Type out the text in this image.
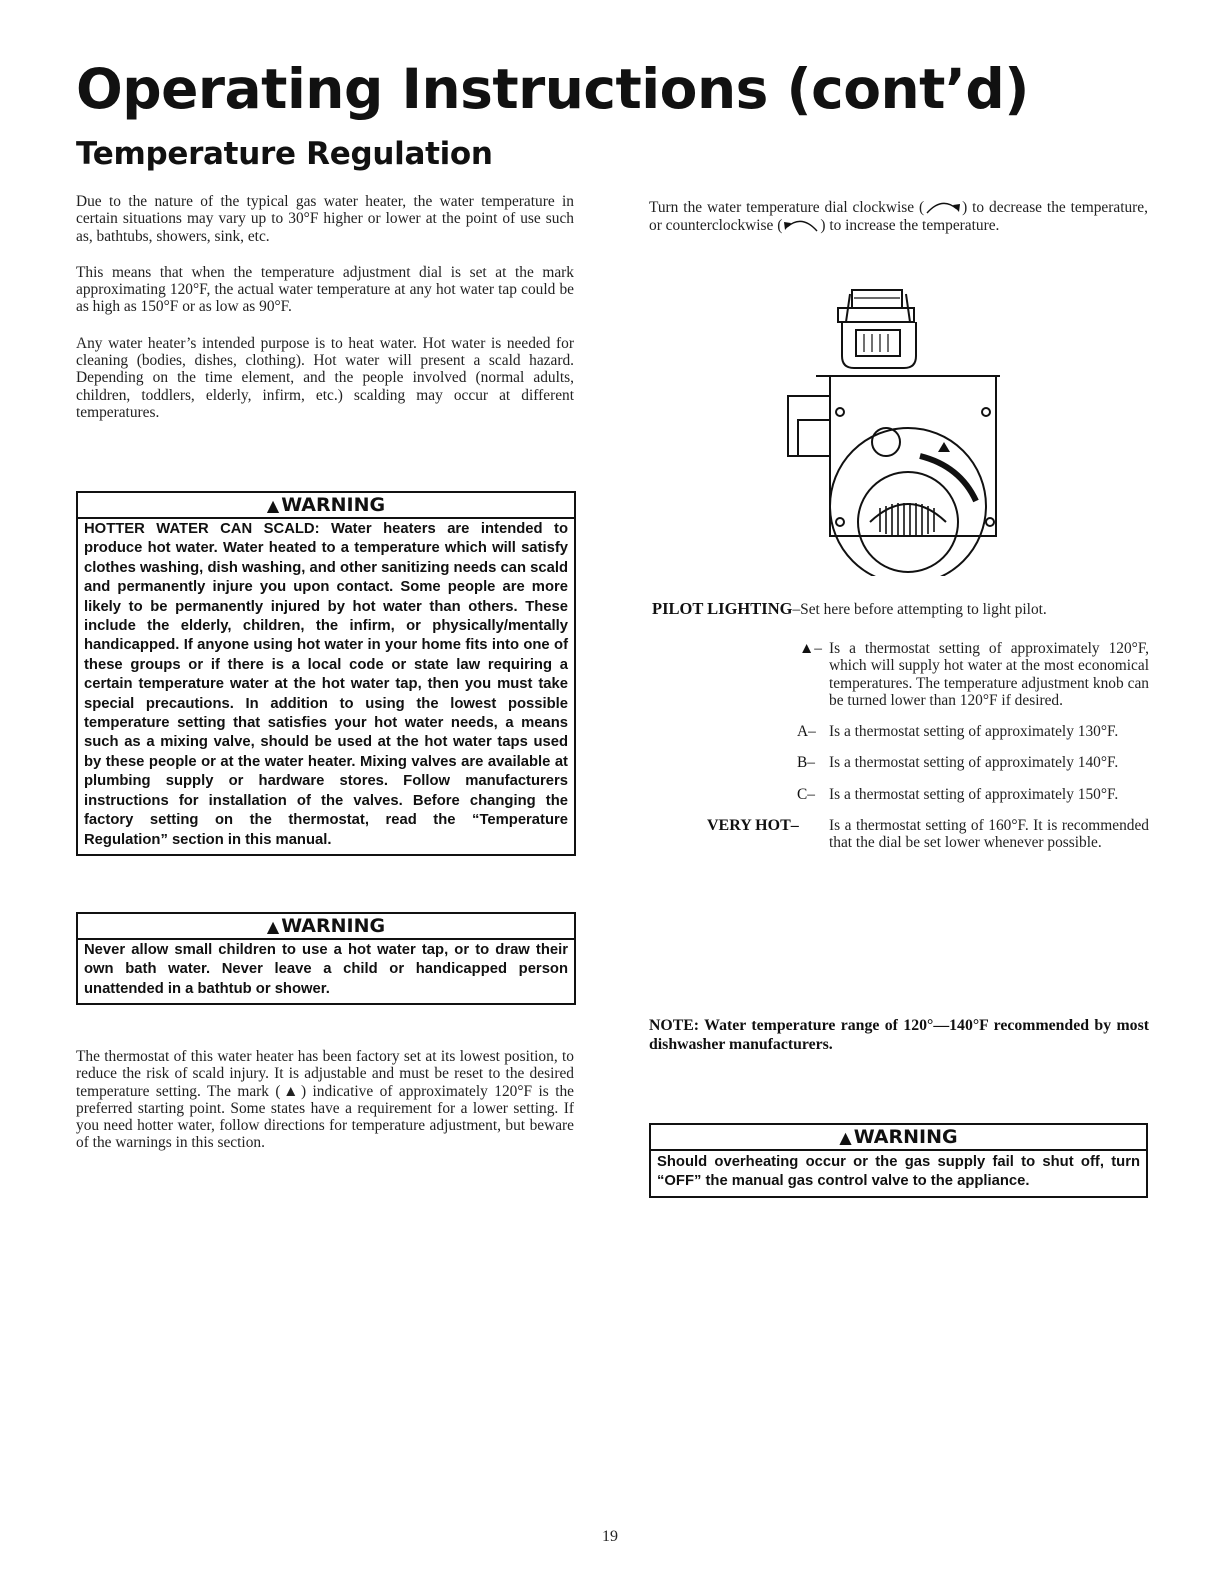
Operating Instructions (cont’d)
Temperature Regulation

Due to the nature of the typical gas water heater, the water temperature in certain situations may vary up to 30°F higher or lower at the point of use such as, bathtubs, showers, sink, etc.

This means that when the temperature adjustment dial is set at the mark approximating 120°F, the actual water temperature at any hot water tap could be as high as 150°F or as low as 90°F.

Any water heater’s intended purpose is to heat water. Hot water is needed for cleaning (bodies, dishes, clothing). Hot water will present a scald hazard. Depending on the time element, and the people involved (normal adults, children, toddlers, elderly, infirm, etc.) scalding may occur at different temperatures.

▲ WARNING
HOTTER WATER CAN SCALD: Water heaters are intended to produce hot water. Water heated to a temperature which will satisfy clothes washing, dish washing, and other sanitizing needs can scald and permanently injure you upon contact. Some people are more likely to be permanently injured by hot water than others. These include the elderly, children, the infirm, or physically/mentally handicapped. If anyone using hot water in your home fits into one of these groups or if there is a local code or state law requiring a certain temperature water at the hot water tap, then you must take special precautions. In addition to using the lowest possible temperature setting that satisfies your hot water needs, a means such as a mixing valve, should be used at the hot water taps used by these people or at the water heater. Mixing valves are available at plumbing supply or hardware stores. Follow manufacturers instructions for installation of the valves. Before changing the factory setting on the thermostat, read the “Temperature Regulation” section in this manual.
▲ WARNING
Never allow small children to use a hot water tap, or to draw their own bath water. Never leave a child or handicapped person unattended in a bathtub or shower.

The thermostat of this water heater has been factory set at its lowest position, to reduce the risk of scald injury. It is adjustable and must be reset to the desired temperature setting. The mark (▲) indicative of approximately 120°F is the preferred starting point. Some states have a requirement for a lower setting. If you need hotter water, follow directions for temperature adjustment, but beware of the warnings in this section.

Turn the water temperature dial clockwise ( ) to decrease the temperature, or counterclockwise ( ) to increase the temperature.

PILOT LIGHTING–Set here before attempting to light pilot.
▲– Is a thermostat setting of approximately 120°F, which will supply hot water at the most economical temperatures. The temperature adjustment knob can be turned lower than 120°F if desired.
A– Is a thermostat setting of approximately 130°F.
B– Is a thermostat setting of approximately 140°F.
C– Is a thermostat setting of approximately 150°F.
VERY HOT– Is a thermostat setting of 160°F. It is recommended that the dial be set lower whenever possible.
NOTE: Water temperature range of 120°—140°F recommended by most dishwasher manufacturers.
▲ WARNING
Should overheating occur or the gas supply fail to shut off, turn “OFF” the manual gas control valve to the appliance.
19
